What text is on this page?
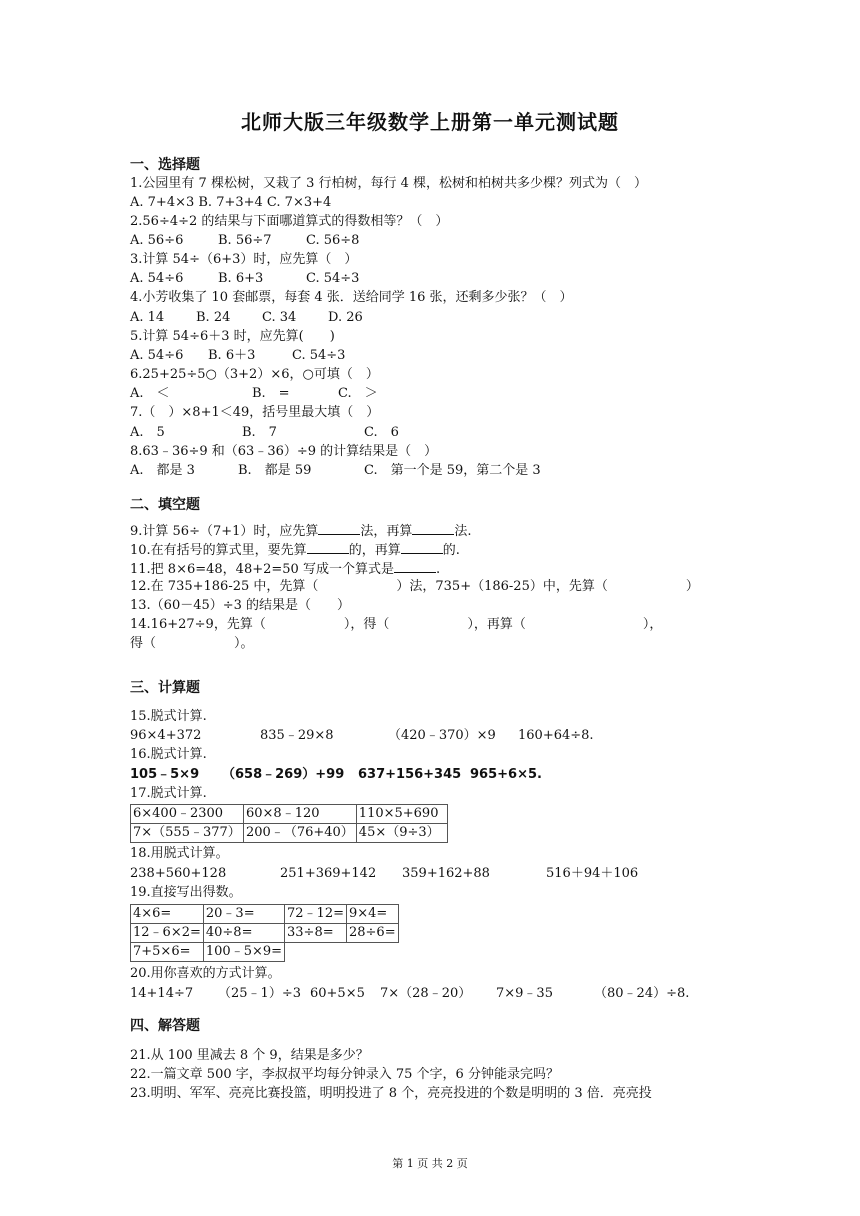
北师大版三年级数学上册第一单元测试题
一、选择题
1.公园里有 7 棵松树，又栽了 3 行柏树，每行 4 棵，松树和柏树共多少棵？列式为（　）
A. 7+4×3 B. 7+3+4 C. 7×3+4
2.56÷4÷2 的结果与下面哪道算式的得数相等？（　）
A. 56÷6	B. 56÷7	C. 56÷8
3.计算 54÷（6+3）时，应先算（　）
A. 54÷6	B. 6+3	C. 54÷3
4.小芳收集了 10 套邮票，每套 4 张．送给同学 16 张，还剩多少张？（　）
A. 14 B. 24 C. 34 D. 26
5.计算 54÷6＋3 时，应先算(　　)
A. 54÷6 B. 6＋3	C. 54÷3
6.25+25÷5○（3+2）×6，○可填（　）
A.　＜	B.　=	C.　＞
7.（　）×8+1＜49，括号里最大填（　）
A.　5	B.　7	C.　6
8.63﹣36÷9 和（63﹣36）÷9 的计算结果是（　）
A.　都是 3	B.　都是 59	C.　第一个是 59，第二个是 3
二、填空题
9.计算 56÷（7+1）时，应先算	法，再算	法.
10.在有括号的算式里，要先算	的，再算	的.
11.把 8×6=48，48+2=50 写成一个算式是	.
12.在 735+186-25 中，先算（　　　　　　）法，735+（186-25）中，先算（　　　　　　）
13.（60－45）÷3 的结果是（　　）
14.16+27÷9，先算（　　　　　　），得（　　　　　　），再算（　　　　　　　　　），
得（　　　　　　）。
三、计算题
15.脱式计算.
96×4+372	835﹣29×8	（420﹣370）×9 160+64÷8.
16.脱式计算.
105﹣5×9 （658﹣269）+99 637+156+345 965+6×5.
17.脱式计算.
6×400﹣2300	60×8﹣120	110×5+690
7×（555﹣377）	200﹣（76+40）	45×（9÷3）
18.用脱式计算。
238+560+128	251+369+142 359+162+88	516＋94＋106
19.直接写出得数。
4×6=	20﹣3=	72﹣12=	9×4=
12﹣6×2=	40÷8=	33÷8=	28÷6=
7+5×6=	100﹣5×9=		
20.用你喜欢的方式计算。
14+14÷7 （25﹣1）÷3 60+5×5 7×（28﹣20） 7×9﹣35	（80﹣24）÷8.
四、解答题
21.从 100 里减去 8 个 9，结果是多少？
22.一篇文章 500 字，李叔叔平均每分钟录入 75 个字，6 分钟能录完吗？
23.明明、军军、亮亮比赛投篮，明明投进了 8 个，亮亮投进的个数是明明的 3 倍．亮亮投
第 1 页 共 2 页
